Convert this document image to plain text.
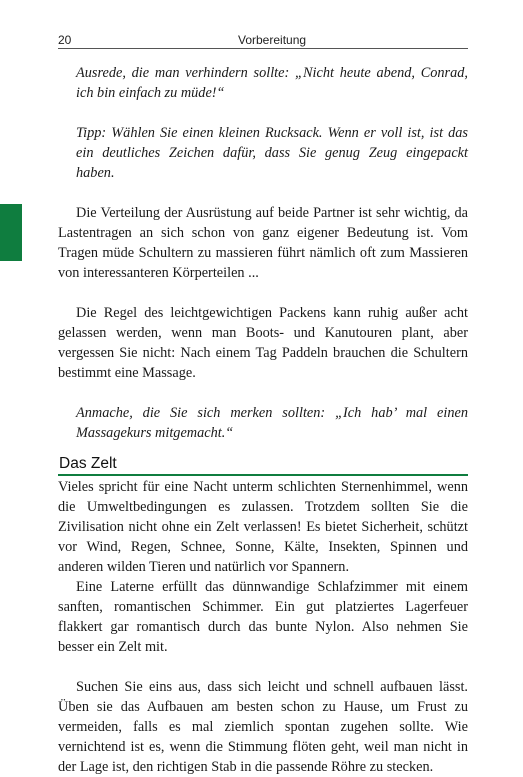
20	Vorbereitung

Ausrede, die man verhindern sollte: „Nicht heute abend, Conrad, ich bin einfach zu müde!“

Tipp: Wählen Sie einen kleinen Rucksack. Wenn er voll ist, ist das ein deutliches Zeichen dafür, dass Sie genug Zeug eingepackt haben.

Die Verteilung der Ausrüstung auf beide Partner ist sehr wichtig, da Lastentragen an sich schon von ganz eigener Bedeutung ist. Vom Tragen müde Schultern zu massieren führt nämlich oft zum Massieren von interessanteren Körperteilen ...

Die Regel des leichtgewichtigen Packens kann ruhig außer acht gelassen werden, wenn man Boots- und Kanutouren plant, aber vergessen Sie nicht: Nach einem Tag Paddeln brauchen die Schultern bestimmt eine Massage.

Anmache, die Sie sich merken sollten: „Ich hab’ mal einen Massagekurs mitgemacht.“

Das Zelt

Vieles spricht für eine Nacht unterm schlichten Sternenhimmel, wenn die Umweltbedingungen es zulassen. Trotzdem sollten Sie die Zivilisation nicht ohne ein Zelt verlassen! Es bietet Sicherheit, schützt vor Wind, Regen, Schnee, Sonne, Kälte, Insekten, Spinnen und anderen wilden Tieren und natürlich vor Spannern.

Eine Laterne erfüllt das dünnwandige Schlafzimmer mit einem sanften, romantischen Schimmer. Ein gut platziertes Lagerfeuer flakkert gar romantisch durch das bunte Nylon. Also nehmen Sie besser ein Zelt mit.

Suchen Sie eins aus, dass sich leicht und schnell aufbauen lässt. Üben sie das Aufbauen am besten schon zu Hause, um Frust zu vermeiden, falls es mal ziemlich spontan zugehen sollte. Wie vernichtend ist es, wenn die Stimmung flöten geht, weil man nicht in der Lage ist, den richtigen Stab in die passende Röhre zu stecken.
